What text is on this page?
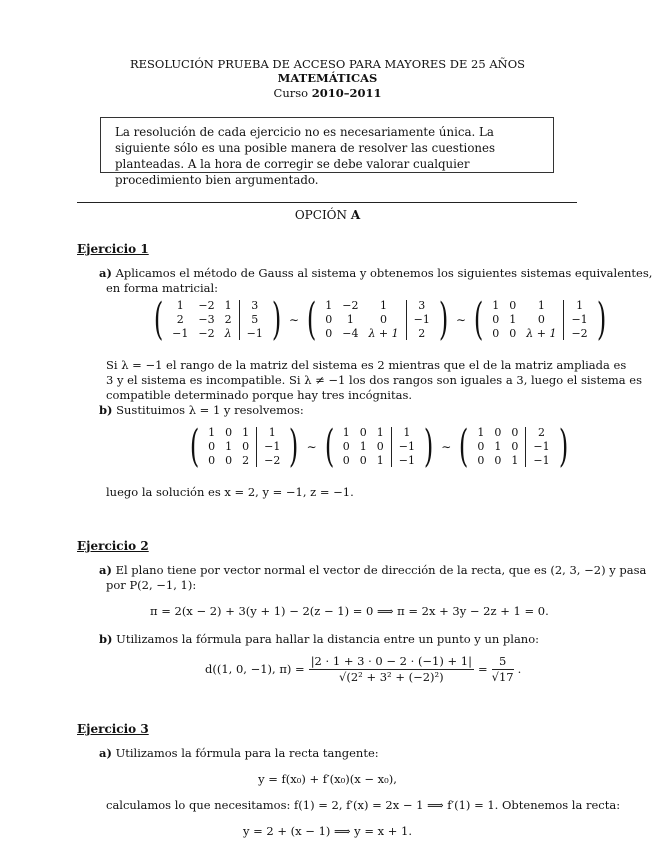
RESOLUCIÓN PRUEBA DE ACCESO PARA MAYORES DE 25 AÑOS
MATEMÁTICAS
Curso 2010–2011
La resolución de cada ejercicio no es necesariamente única. La siguiente sólo es una posible manera de resolver las cuestiones planteadas. A la hora de corregir se debe valorar cualquier procedimiento bien argumentado.
OPCIÓN A
Ejercicio 1
a) Aplicamos el método de Gauss al sistema y obtenemos los siguientes sistemas equivalentes,
en forma matricial:
(	1
2
−1
−2
−3
−2
1
2
λ
3
5
−1 ) ∼ ( 1
0
0
−2
1
−4
1
0
λ + 1
3
−1
2 ) ∼ ( 1
0
0
0
1
0
1
0
λ + 1
1
−1
−2 )
Si λ = −1 el rango de la matriz del sistema es 2 mientras que el de la matriz ampliada es
3 y el sistema es incompatible. Si λ ≠ −1 los dos rangos son iguales a 3, luego el sistema es
compatible determinado porque hay tres incógnitas.
b) Sustituimos λ = 1 y resolvemos:
( 1
0
0
0
1
0
1
0
2
1
−1
−2 ) ∼ ( 1
0
0
0
1
0
1
0
1
1
−1
−1 ) ∼ ( 1
0
0
0
1
0
0
0
1
2
−1
−1 )
luego la solución es x = 2, y = −1, z = −1.
Ejercicio 2
a) El plano tiene por vector normal el vector de dirección de la recta, que es (2, 3, −2) y pasa
por P(2, −1, 1):
π = 2(x − 2) + 3(y + 1) − 2(z − 1) = 0 ⟹ π = 2x + 3y − 2z + 1 = 0.
b) Utilizamos la fórmula para hallar la distancia entre un punto y un plano:
d((1, 0, −1), $\pi) = \frac{|2 \cdot 1 + 3 \cdot 0 - 2 \cdot (-1) + 1|}{\text{√(2² + 3² + (−2)²)}} = \frac{5}{√17}$ .
Ejercicio 3
a) Utilizamos la fórmula para la recta tangente:
y = f(x₀) + f′(x₀)(x − x₀),
calculamos lo que necesitamos: f(1) = 2, f′(x) = 2x − 1 ⟹ f′(1) = 1. Obtenemos la recta:
y = 2 + (x − 1) ⟹ y = x + 1.
